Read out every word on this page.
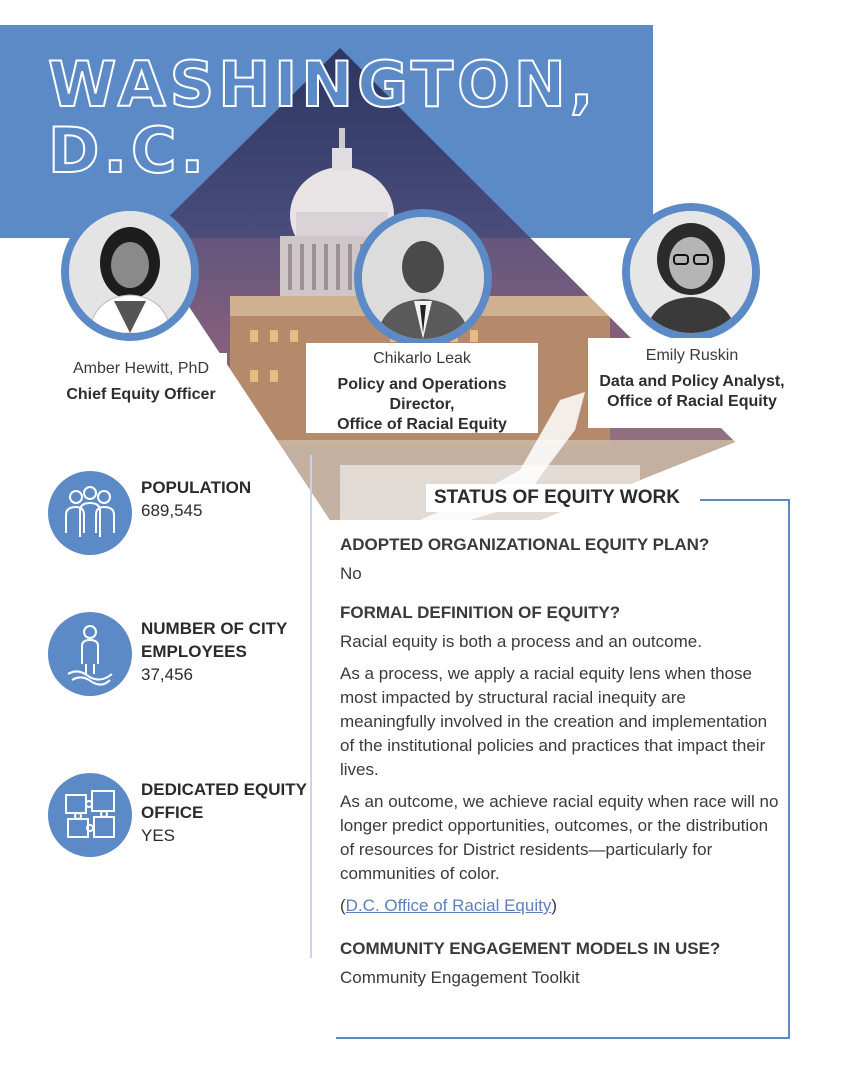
WASHINGTON,
D.C.
Amber Hewitt, PhD
Chief Equity Officer
Chikarlo Leak
Policy and Operations Director,
Office of Racial Equity
Emily Ruskin
Data and Policy Analyst,
Office of Racial Equity
POPULATION
689,545
NUMBER OF CITY
EMPLOYEES
37,456
DEDICATED EQUITY
OFFICE
YES
STATUS OF EQUITY WORK

ADOPTED ORGANIZATIONAL EQUITY PLAN?

No

FORMAL DEFINITION OF EQUITY?

Racial equity is both a process and an outcome.

As a process, we apply a racial equity lens when those most impacted by structural racial inequity are meaningfully involved in the creation and implementation of the institutional policies and practices that impact their lives.

As an outcome, we achieve racial equity when race will no longer predict opportunities, outcomes, or the distribution of resources for District residents—particularly for communities of color.

(D.C. Office of Racial Equity)

COMMUNITY ENGAGEMENT MODELS IN USE?

Community Engagement Toolkit
